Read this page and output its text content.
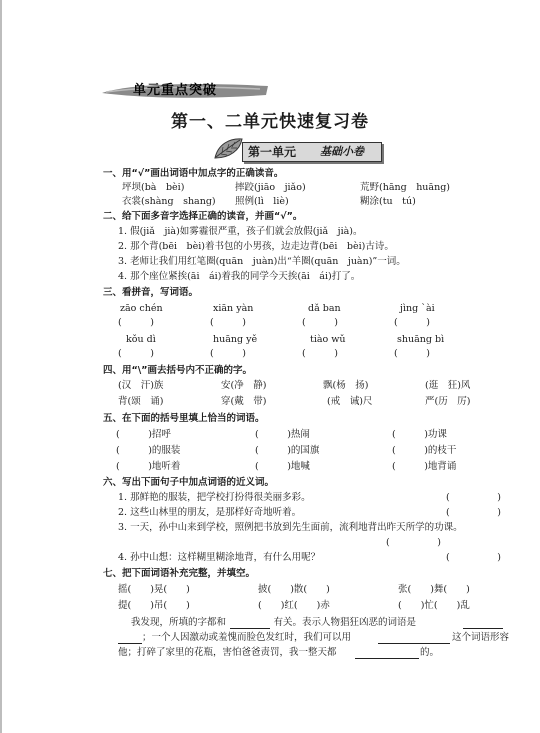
单元重点突破
第一、二单元快速复习卷
第一单元 基础小卷
一、用“√”画出词语中加点字的正确读音。
坪坝(bà　bèi)	摔跤(jiāo　jiǎo)	荒野(hāng　huāng)
衣裳(shàng　shang) 照例(lì　liè)	糊涂(tu　tú)
二、给下面多音字选择正确的读音，并画“√”。
1. 假(jiǎ　jià)如雾霾很严重，孩子们就会放假(jiǎ　jià)。
2. 那个背(bēi　bèi)着书包的小男孩，边走边背(bēi　bèi)古诗。
3. 老师让我们用红笔圈(quān　juàn)出“羊圈(quān　juàn)”一词。
4. 那个座位紧挨(āi　ái)着我的同学今天挨(āi　ái)打了。
三、看拼音，写词语。
zāo chén	xiān yàn	dǎ ban	jìng ˋài
(　　　)	(　　　)	(　　　)	(　　　)
kǒu dì	huāng yě	tiào wǔ	shuāng bì
(　　　)	(　　　)	(　　　)	(　　　)
四、用“\”画去括号内不正确的字。
(汉　汗)族	安(净　静)	飘(杨　扬)	(逛　狂)风
背(颂　诵)	穿(戴　带)	(戒　诫)尺	严(历　厉)
五、在下面的括号里填上恰当的词语。
(　　　)招呼	(　　　)热闹	(　　　)功课
(　　　)的服装	(　　　)的国旗	(　　　)的枝干
(　　　)地听着	(　　　)地喊	(　　　)地背诵
六、写出下面句子中加点词语的近义词。
1. 那鲜艳的服装，把学校打扮得很美丽多彩。	(　　　　　)
2. 这些山林里的朋友，是那样好奇地听着。	(　　　　　)
3. 一天，孙中山来到学校，照例把书放到先生面前，流利地背出昨天所学的功课。
(　　　　　)
4. 孙中山想：这样糊里糊涂地背，有什么用呢？	(　　　　　)
七、把下面词语补充完整，并填空。
摇(　　)晃(　　)	披(　　)散(　　)	张(　　)舞(　　)
提(　　)吊(　　)	(　　)红(　　)赤	(　　)忙(　　)乱
我发现，所填的字都和　　　　　有关。表示人物猖狂凶恶的词语是
；一个人因激动或羞愧而脸色发红时，我们可以用	这个词语形容
他；打碎了家里的花瓶，害怕爸爸责罚，我一整天都	的。
